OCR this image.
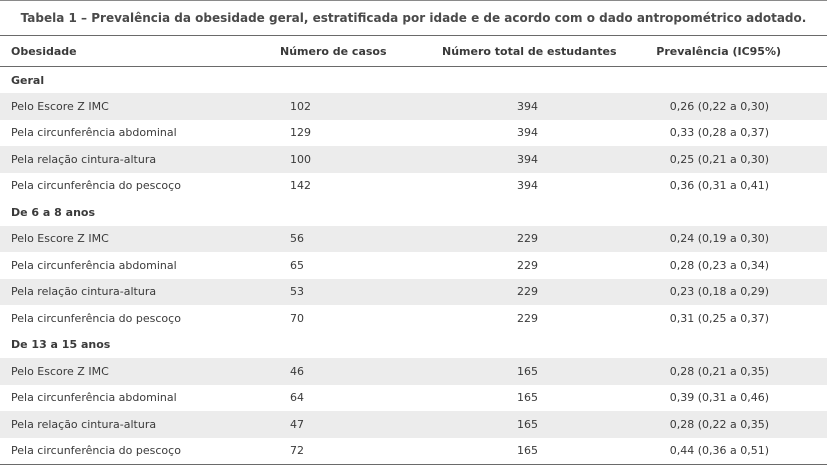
Tabela 1 – Prevalência da obesidade geral, estratificada por idade e de acordo com o dado antropométrico adotado.
Obesidade	Número de casos	Número total de estudantes	Prevalência (IC95%)
Geral			
Pelo Escore Z IMC	102	394	0,26 (0,22 a 0,30)
Pela circunferência abdominal	129	394	0,33 (0,28 a 0,37)
Pela relação cintura-altura	100	394	0,25 (0,21 a 0,30)
Pela circunferência do pescoço	142	394	0,36 (0,31 a 0,41)
De 6 a 8 anos			
Pelo Escore Z IMC	56	229	0,24 (0,19 a 0,30)
Pela circunferência abdominal	65	229	0,28 (0,23 a 0,34)
Pela relação cintura-altura	53	229	0,23 (0,18 a 0,29)
Pela circunferência do pescoço	70	229	0,31 (0,25 a 0,37)
De 13 a 15 anos			
Pelo Escore Z IMC	46	165	0,28 (0,21 a 0,35)
Pela circunferência abdominal	64	165	0,39 (0,31 a 0,46)
Pela relação cintura-altura	47	165	0,28 (0,22 a 0,35)
Pela circunferência do pescoço	72	165	0,44 (0,36 a 0,51)
